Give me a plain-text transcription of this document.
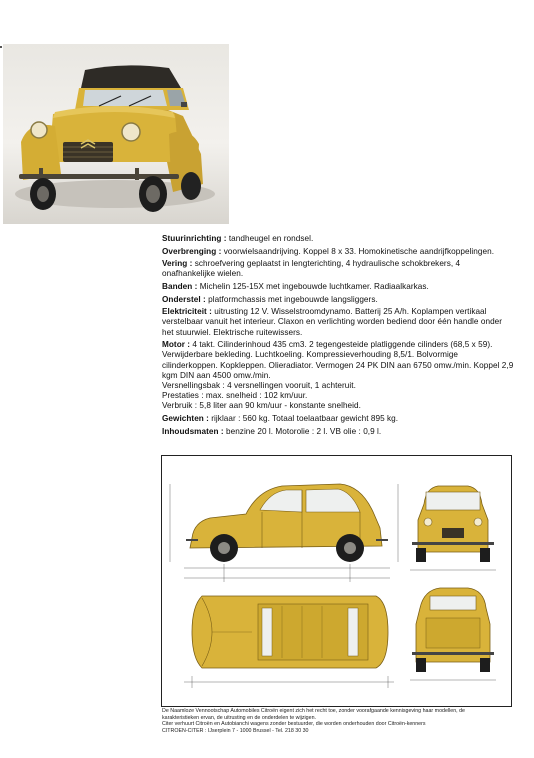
Stuurinrichting : tandheugel en rondsel.

Overbrenging : voorwielsaandrijving. Koppel 8 x 33. Homokinetische aandrijfkoppelingen.

Vering : schroefvering geplaatst in lengterichting, 4 hydraulische schokbrekers, 4 onafhankelijke wielen.

Banden : Michelin 125-15X met ingebouwde luchtkamer. Radiaalkarkas.

Onderstel : platformchassis met ingebouwde langsliggers.

Elektriciteit : uitrusting 12 V. Wisselstroomdynamo. Batterij 25 A/h. Koplampen vertikaal verstelbaar vanuit het interieur. Claxon en verlichting worden bediend door één handle onder het stuurwiel. Elektrische ruitewissers.

Motor : 4 takt. Cilinderinhoud 435 cm3. 2 tegengesteide platliggende cilinders (68,5 x 59). Verwijderbare bekleding. Luchtkoeling. Kompressieverhouding 8,5/1. Bolvormige cilinderkoppen. Kopkleppen. Olieradiator. Vermogen 24 PK DIN aan 6750 omw./min. Koppel 2,9 kgm DIN aan 4500 omw./min.

Versnellingsbak : 4 versnellingen vooruit, 1 achteruit.

Prestaties : max. snelheid : 102 km/uur.

Verbruik : 5,8 liter aan 90 km/uur - konstante snelheid.

Gewichten : rijklaar : 560 kg. Totaal toelaatbaar gewicht 895 kg.

Inhoudsmaten : benzine 20 l. Motorolie : 2 l. VB olie : 0,9 l.

De Naamloze Vennootschap Automobiles Citroën eigent zich het recht toe, zonder voorafgaande kennisgeving haar modellen, de

karakteristieken ervan, de uitrusting en de onderdelen te wijzigen.

Citer verhuurt Citroën en Autobianchi wagens zonder bestuurder, die worden onderhouden door Citroën-kenners

CITROEN-CITER : IJserplein 7 - 1000 Brussel - Tel. 218 30 30
